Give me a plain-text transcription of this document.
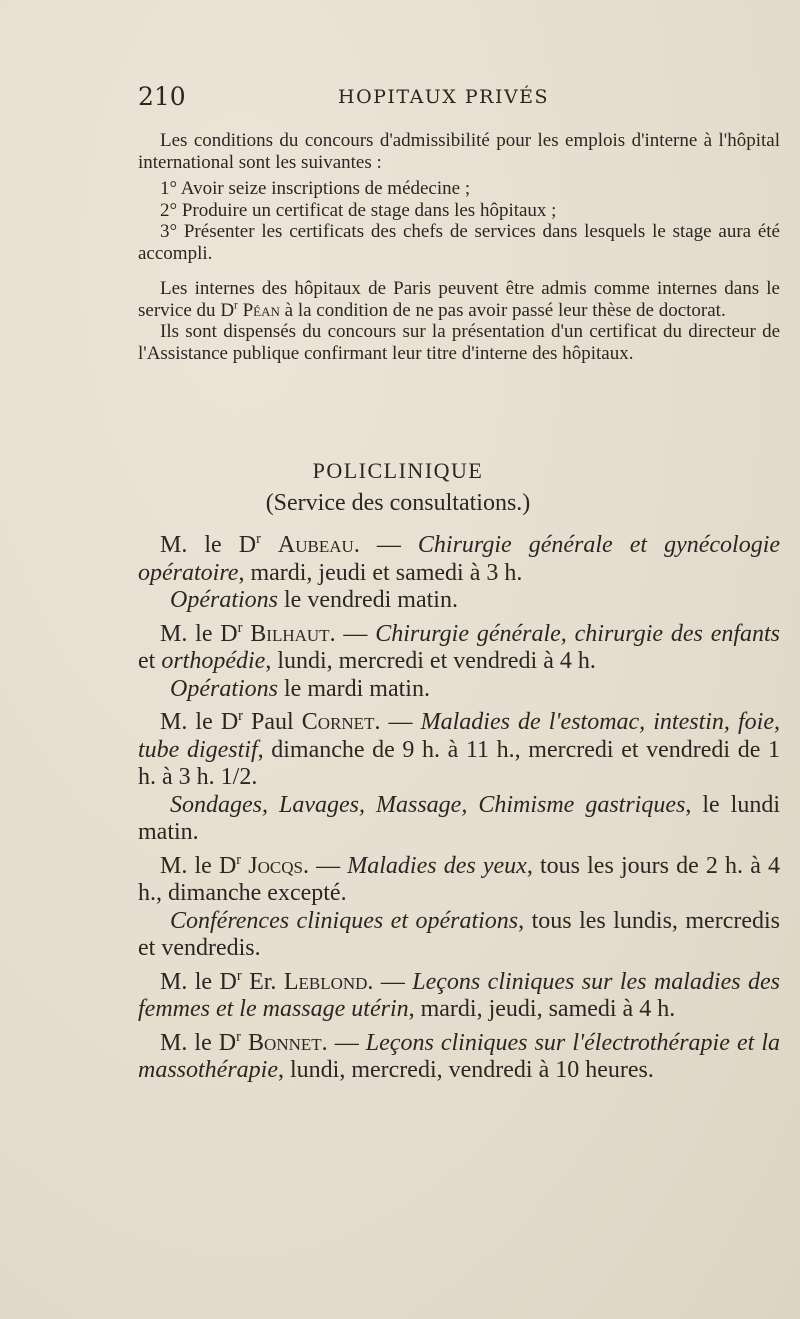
210	HOPITAUX PRIVÉS

Les conditions du concours d'admissibilité pour les emplois d'interne à l'hôpital international sont les suivantes :

1° Avoir seize inscriptions de médecine ;

2° Produire un certificat de stage dans les hôpitaux ;

3° Présenter les certificats des chefs de services dans lesquels le stage aura été accompli.

Les internes des hôpitaux de Paris peuvent être admis comme internes dans le service du $D^r$ Péan à la condition de ne pas avoir passé leur thèse de doctorat.

Ils sont dispensés du concours sur la présentation d'un certificat du directeur de l'Assistance publique confirmant leur titre d'interne des hôpitaux.

POLICLINIQUE
(Service des consultations.)

M. le $D^r$ Aubeau. — Chirurgie générale et gynécologie opératoire, mardi, jeudi et samedi à 3 h.

Opérations le vendredi matin.

M. le $D^r$ Bilhaut. — Chirurgie générale, chirurgie des enfants et orthopédie, lundi, mercredi et vendredi à 4 h.

Opérations le mardi matin.

M. le $D^r$ Paul Cornet. — Maladies de l'estomac, intestin, foie, tube digestif, dimanche de 9 h. à 11 h., mercredi et vendredi de 1 h. à 3 h. 1/2.

Sondages, Lavages, Massage, Chimisme gastriques, le lundi matin.

M. le $D^r$ Jocqs. — Maladies des yeux, tous les jours de 2 h. à 4 h., dimanche excepté.

Conférences cliniques et opérations, tous les lundis, mercredis et vendredis.

M. le $D^r$ Er. Leblond. — Leçons cliniques sur les maladies des femmes et le massage utérin, mardi, jeudi, samedi à 4 h.

M. le $D^r$ Bonnet. — Leçons cliniques sur l'électrothérapie et la massothérapie, lundi, mercredi, vendredi à 10 heures.
